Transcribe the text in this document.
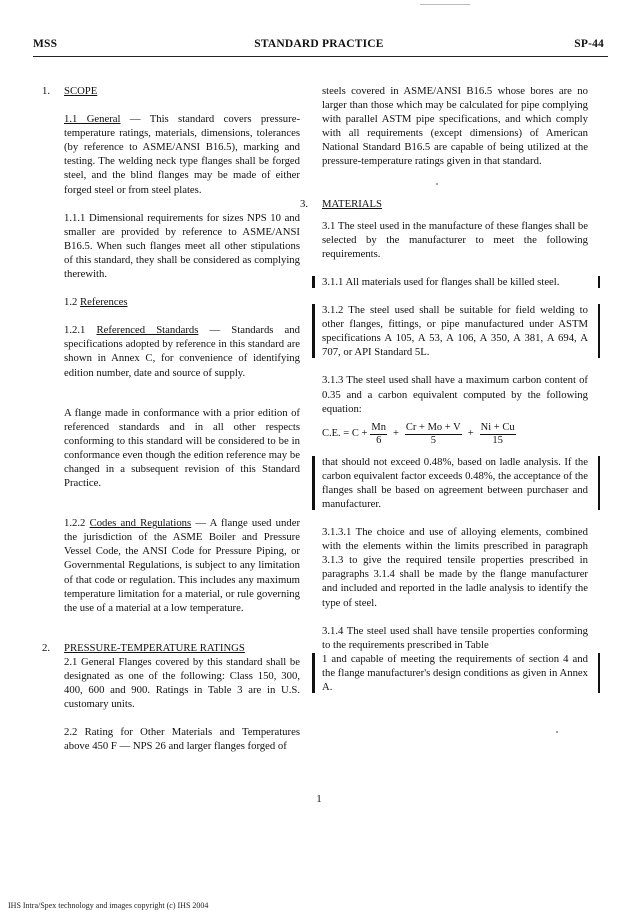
MSS	STANDARD PRACTICE	SP-44

1. SCOPE

1.1 General — This standard covers pressure-temperature ratings, materials, dimensions, tolerances (by reference to ASME/ANSI B16.5), marking and testing. The welding neck type flanges shall be forged steel, and the blind flanges may be made of either forged steel or from steel plates.

1.1.1 Dimensional requirements for sizes NPS 10 and smaller are provided by reference to ASME/ANSI B16.5. When such flanges meet all other stipulations of this standard, they shall be considered as complying therewith.

1.2 References

1.2.1 Referenced Standards — Standards and specifications adopted by reference in this standard are shown in Annex C, for convenience of identifying edition number, date and source of supply.

A flange made in conformance with a prior edition of referenced standards and in all other respects conforming to this standard will be considered to be in conformance even though the edition reference may be changed in a subsequent revision of this Standard Practice.

1.2.2 Codes and Regulations — A flange used under the jurisdiction of the ASME Boiler and Pressure Vessel Code, the ANSI Code for Pressure Piping, or Governmental Regulations, is subject to any limitation of that code or regulation. This includes any maximum temperature limitation for a material, or rule governing the use of a material at a low temperature.

2. PRESSURE-TEMPERATURE RATINGS

2.1 General Flanges covered by this standard shall be designated as one of the following: Class 150, 300, 400, 600 and 900. Ratings in Table 3 are in U.S. customary units.

2.2 Rating for Other Materials and Temperatures above 450 F — NPS 26 and larger flanges forged of

steels covered in ASME/ANSI B16.5 whose bores are no larger than those which may be calculated for pipe complying with parallel ASTM pipe specifications, and which comply with all requirements (except dimensions) of American National Standard B16.5 are capable of being utilized at the pressure-temperature ratings given in that standard.

3. MATERIALS

3.1 The steel used in the manufacture of these flanges shall be selected by the manufacturer to meet the following requirements.

3.1.1 All materials used for flanges shall be killed steel.

3.1.2 The steel used shall be suitable for field welding to other flanges, fittings, or pipe manufactured under ASTM specifications A 105, A 53, A 106, A 350, A 381, A 694, A 707, or API Standard 5L.

3.1.3 The steel used shall have a maximum carbon content of 0.35 and a carbon equivalent computed by the following equation:

C.E. = $C + \frac{Mn}{6} + \frac{Cr + Mo + V}{5} + \frac{Ni + Cu}{15}$

that should not exceed 0.48%, based on ladle analysis. If the carbon equivalent factor exceeds 0.48%, the acceptance of the flanges shall be based on agreement between purchaser and manufacturer.

3.1.3.1 The choice and use of alloying elements, combined with the elements within the limits prescribed in paragraph 3.1.3 to give the required tensile properties prescribed in paragraphs 3.1.4 shall be made by the flange manufacturer and included and reported in the ladle analysis to identify the type of steel.

3.1.4 The steel used shall have tensile properties conforming to the requirements prescribed in Table

1 and capable of meeting the requirements of section 4 and the flange manufacturer's design conditions as given in Annex A.

1
IHS Intra/Spex technology and images copyright (c) IHS 2004
